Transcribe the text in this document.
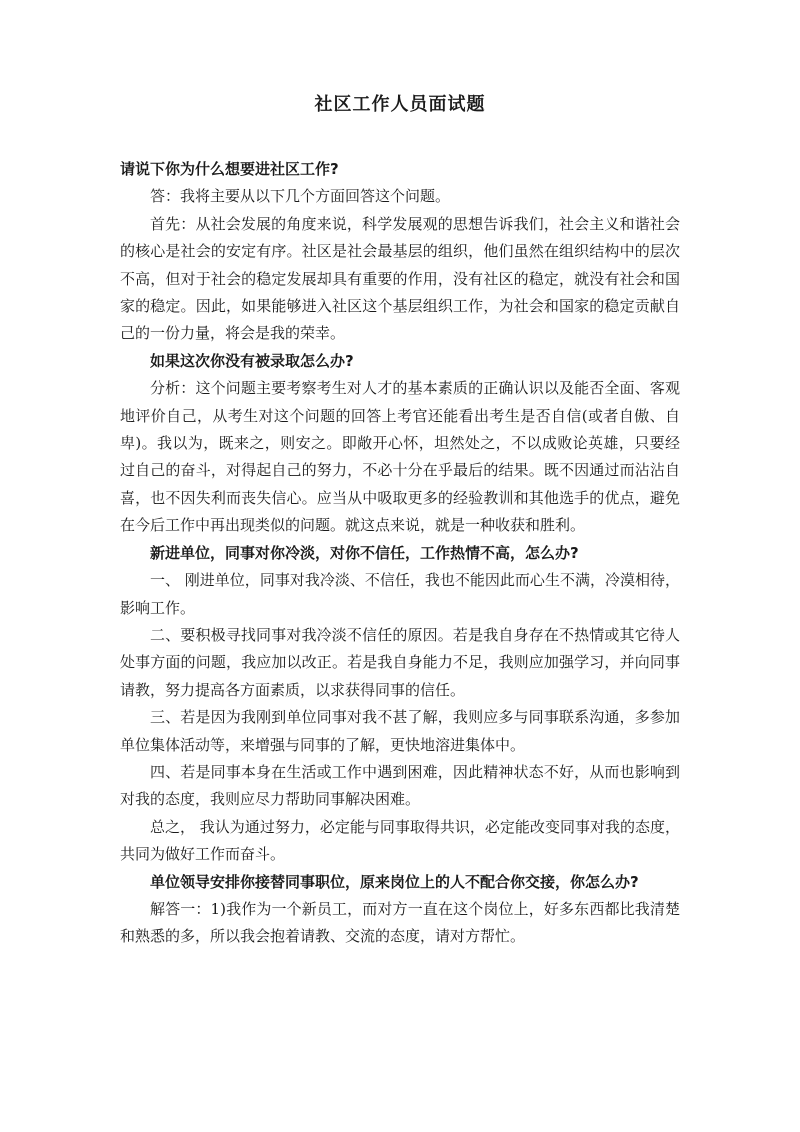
社区工作人员面试题

请说下你为什么想要进社区工作?

答：我将主要从以下几个方面回答这个问题。

首先：从社会发展的角度来说，科学发展观的思想告诉我们，社会主义和谐社会的核心是社会的安定有序。社区是社会最基层的组织，他们虽然在组织结构中的层次不高，但对于社会的稳定发展却具有重要的作用，没有社区的稳定，就没有社会和国家的稳定。因此，如果能够进入社区这个基层组织工作，为社会和国家的稳定贡献自己的一份力量，将会是我的荣幸。

如果这次你没有被录取怎么办?

分析：这个问题主要考察考生对人才的基本素质的正确认识以及能否全面、客观地评价自己，从考生对这个问题的回答上考官还能看出考生是否自信(或者自傲、自卑)。我以为，既来之，则安之。即敞开心怀，坦然处之，不以成败论英雄，只要经过自己的奋斗，对得起自己的努力，不必十分在乎最后的结果。既不因通过而沾沾自喜，也不因失利而丧失信心。应当从中吸取更多的经验教训和其他选手的优点，避免在今后工作中再出现类似的问题。就这点来说，就是一种收获和胜利。

新进单位，同事对你冷淡，对你不信任，工作热情不高，怎么办?

一、 刚进单位，同事对我冷淡、不信任，我也不能因此而心生不满，冷漠相待，影响工作。

二、要积极寻找同事对我冷淡不信任的原因。若是我自身存在不热情或其它待人处事方面的问题，我应加以改正。若是我自身能力不足，我则应加强学习，并向同事请教，努力提高各方面素质，以求获得同事的信任。

三、若是因为我刚到单位同事对我不甚了解，我则应多与同事联系沟通，多参加单位集体活动等，来增强与同事的了解，更快地溶进集体中。

四、若是同事本身在生活或工作中遇到困难，因此精神状态不好，从而也影响到对我的态度，我则应尽力帮助同事解决困难。

总之， 我认为通过努力，必定能与同事取得共识，必定能改变同事对我的态度，共同为做好工作而奋斗。

单位领导安排你接替同事职位，原来岗位上的人不配合你交接，你怎么办?

解答一：1)我作为一个新员工，而对方一直在这个岗位上，好多东西都比我清楚和熟悉的多，所以我会抱着请教、交流的态度，请对方帮忙。
